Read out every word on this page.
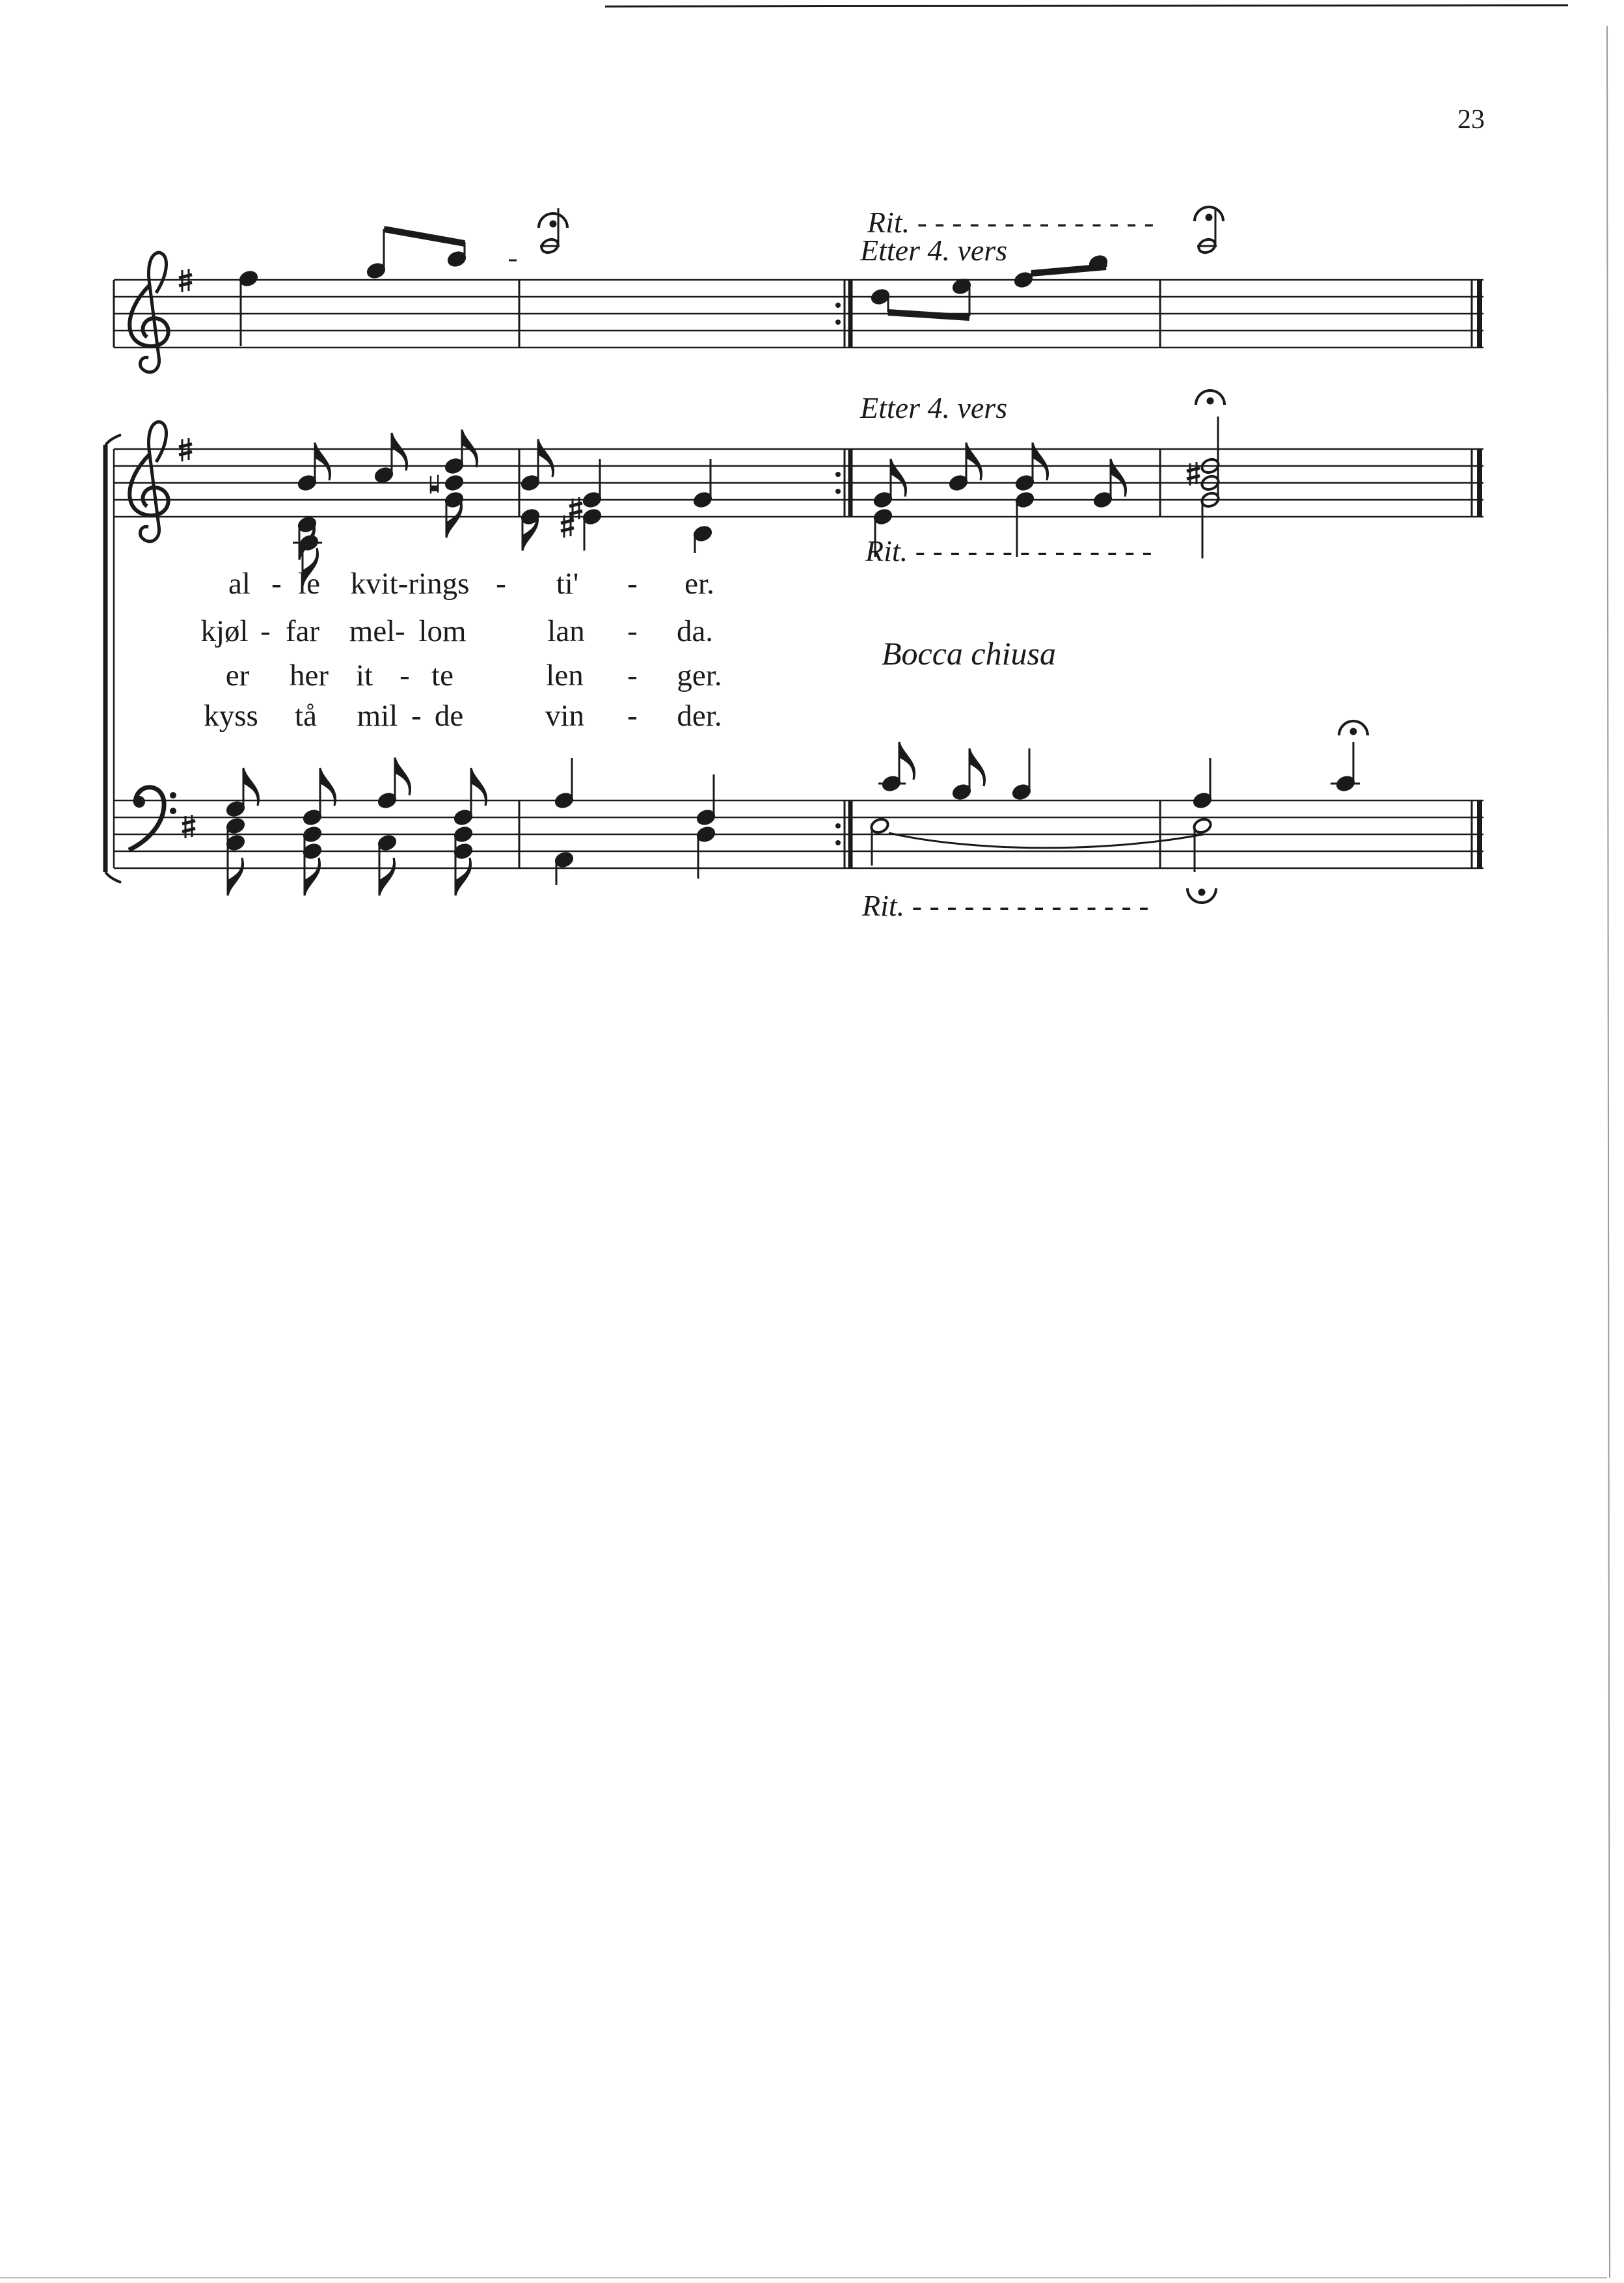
23
Rit. - - - - - - - - - - - - - -
Etter 4. vers
Etter 4. vers
Rit. - - - - - - - - - - - - - -
Rit. - - - - - - - - - - - - - -
Bocca chiusa
al - le kvit-rings - ti' - er.
kjøl - far mel - lom	lan - da.
er her it - te	len - ger.
kyss tå mil - de	vin - der.
